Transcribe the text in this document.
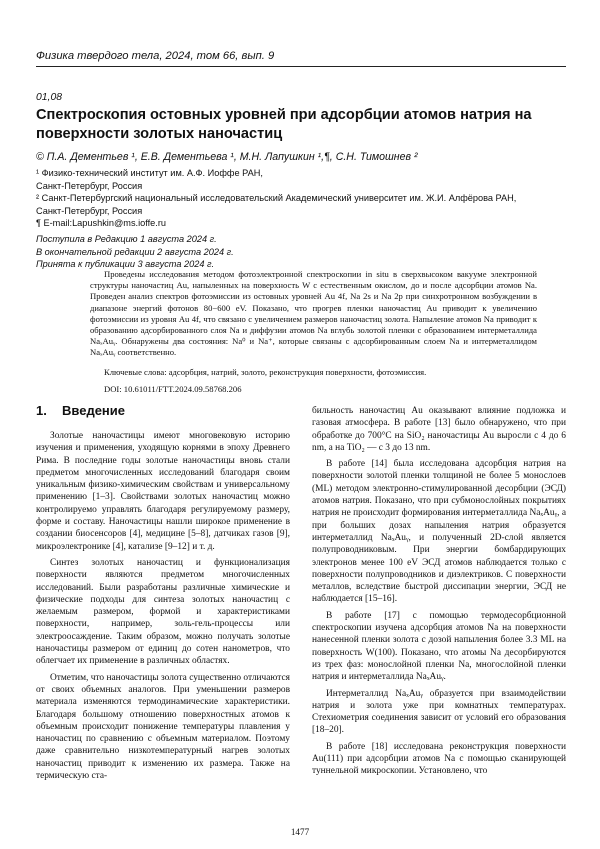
Физика твердого тела, 2024, том 66, вып. 9
01,08
Спектроскопия остовных уровней при адсорбции атомов натрия на поверхности золотых наночастиц
© П.А. Дементьев ¹, Е.В. Дементьева ¹, М.Н. Лапушкин ¹,¶, С.Н. Тимошнев ²
¹ Физико-технический институт им. А.Ф. Иоффе РАН,
Санкт-Петербург, Россия
² Санкт-Петербургский национальный исследовательский Академический университет им. Ж.И. Алфёрова РАН,
Санкт-Петербург, Россия
¶ E-mail:Lapushkin@ms.ioffe.ru
Поступила в Редакцию 1 августа 2024 г.
В окончательной редакции 2 августа 2024 г.
Принята к публикации 3 августа 2024 г.

Проведены исследования методом фотоэлектронной спектроскопии in situ в сверхвысоком вакууме электронной структуры наночастиц Au, напыленных на поверхность W с естественным окислом, до и после адсорбции атомов Na. Проведен анализ спектров фотоэмиссии из остовных уровней Au 4f, Na 2s и Na 2p при синхротронном возбуждении в диапазоне энергий фотонов 80−600 eV. Показано, что прогрев пленки наночастиц Au приводит к увеличению фотоэмиссии из уровня Au 4f, что связано с увеличением размеров наночастиц золота. Напыление атомов Na приводит к образованию адсорбированного слоя Na и диффузии атомов Na вглубь золотой пленки с образованием интерметаллида NaₓAuᵧ. Обнаружены два состояния: Na⁰ и Na⁺, которые связаны с адсорбированным слоем Na и интерметаллидом NaₓAuᵧ соответственно.

Ключевые слова: адсорбция, натрий, золото, реконструкция поверхности, фотоэмиссия.

DOI: 10.61011/FTT.2024.09.58768.206
1. Введение

Золотые наночастицы имеют многовековую историю изучения и применения, уходящую корнями в эпоху Древнего Рима. В последние годы золотые наночастицы вновь стали предметом многочисленных исследований благодаря своим уникальным физико-химическим свойствам и универсальному применению [1–3]. Свойствами золотых наночастиц можно контролируемо управлять благодаря регулируемому размеру, форме и составу. Наночастицы нашли широкое применение в создании биосенсоров [4], медицине [5–8], датчиках газов [9], микроэлектронике [4], катализе [9–12] и т. д.

Синтез золотых наночастиц и функционализация поверхности являются предметом многочисленных исследований. Были разработаны различные химические и физические подходы для синтеза золотых наночастиц с желаемым размером, формой и характеристиками поверхности, например, золь-гель-процессы или электроосаждение. Таким образом, можно получать золотые наночастицы размером от единиц до сотен нанометров, что облегчает их применение в различных областях.

Отметим, что наночастицы золота существенно отличаются от своих объемных аналогов. При уменьшении размеров материала изменяются термодинамические характеристики. Благодаря большому отношению поверхностных атомов к объемным происходит понижение температуры плавления у наночастиц по сравнению с объемным материалом. Поэтому даже сравнительно низкотемпературный нагрев золотых наночастиц приводит к изменению их размера. Также на термическую ста-

бильность наночастиц Au оказывают влияние подложка и газовая атмосфера. В работе [13] было обнаружено, что при обработке до 700°C на SiO₂ наночастицы Au выросли с 4 до 6 nm, а на TiO₂ — с 3 до 13 nm.

В работе [14] была исследована адсорбция натрия на поверхности золотой пленки толщиной не более 5 монослоев (ML) методом электронно-стимулированной десорбции (ЭСД) атомов натрия. Показано, что при субмонослойных покрытиях натрия не происходит формирования интерметаллида NaₓAuᵧ, а при больших дозах напыления натрия образуется интерметаллид NaₓAuᵧ, и полученный 2D-слой является полупроводниковым. При энергии бомбардирующих электронов менее 100 eV ЭСД атомов наблюдается только с поверхности полупроводников и диэлектриков. С поверхности металлов, вследствие быстрой диссипации энергии, ЭСД не наблюдается [15–16].

В работе [17] с помощью термодесорбционной спектроскопии изучена адсорбция атомов Na на поверхности нанесенной пленки золота с дозой напыления более 3.3 ML на поверхность W(100). Показано, что атомы Na десорбируются из трех фаз: монослойной пленки Na, многослойной пленки натрия и интерметаллида NaₓAuᵧ.

Интерметаллид NaₓAuᵧ образуется при взаимодействии натрия и золота уже при комнатных температурах. Стехиометрия соединения зависит от условий его образования [18–20].

В работе [18] исследована реконструкция поверхности Au(111) при адсорбции атомов Na с помощью сканирующей туннельной микроскопии. Установлено, что

1477
